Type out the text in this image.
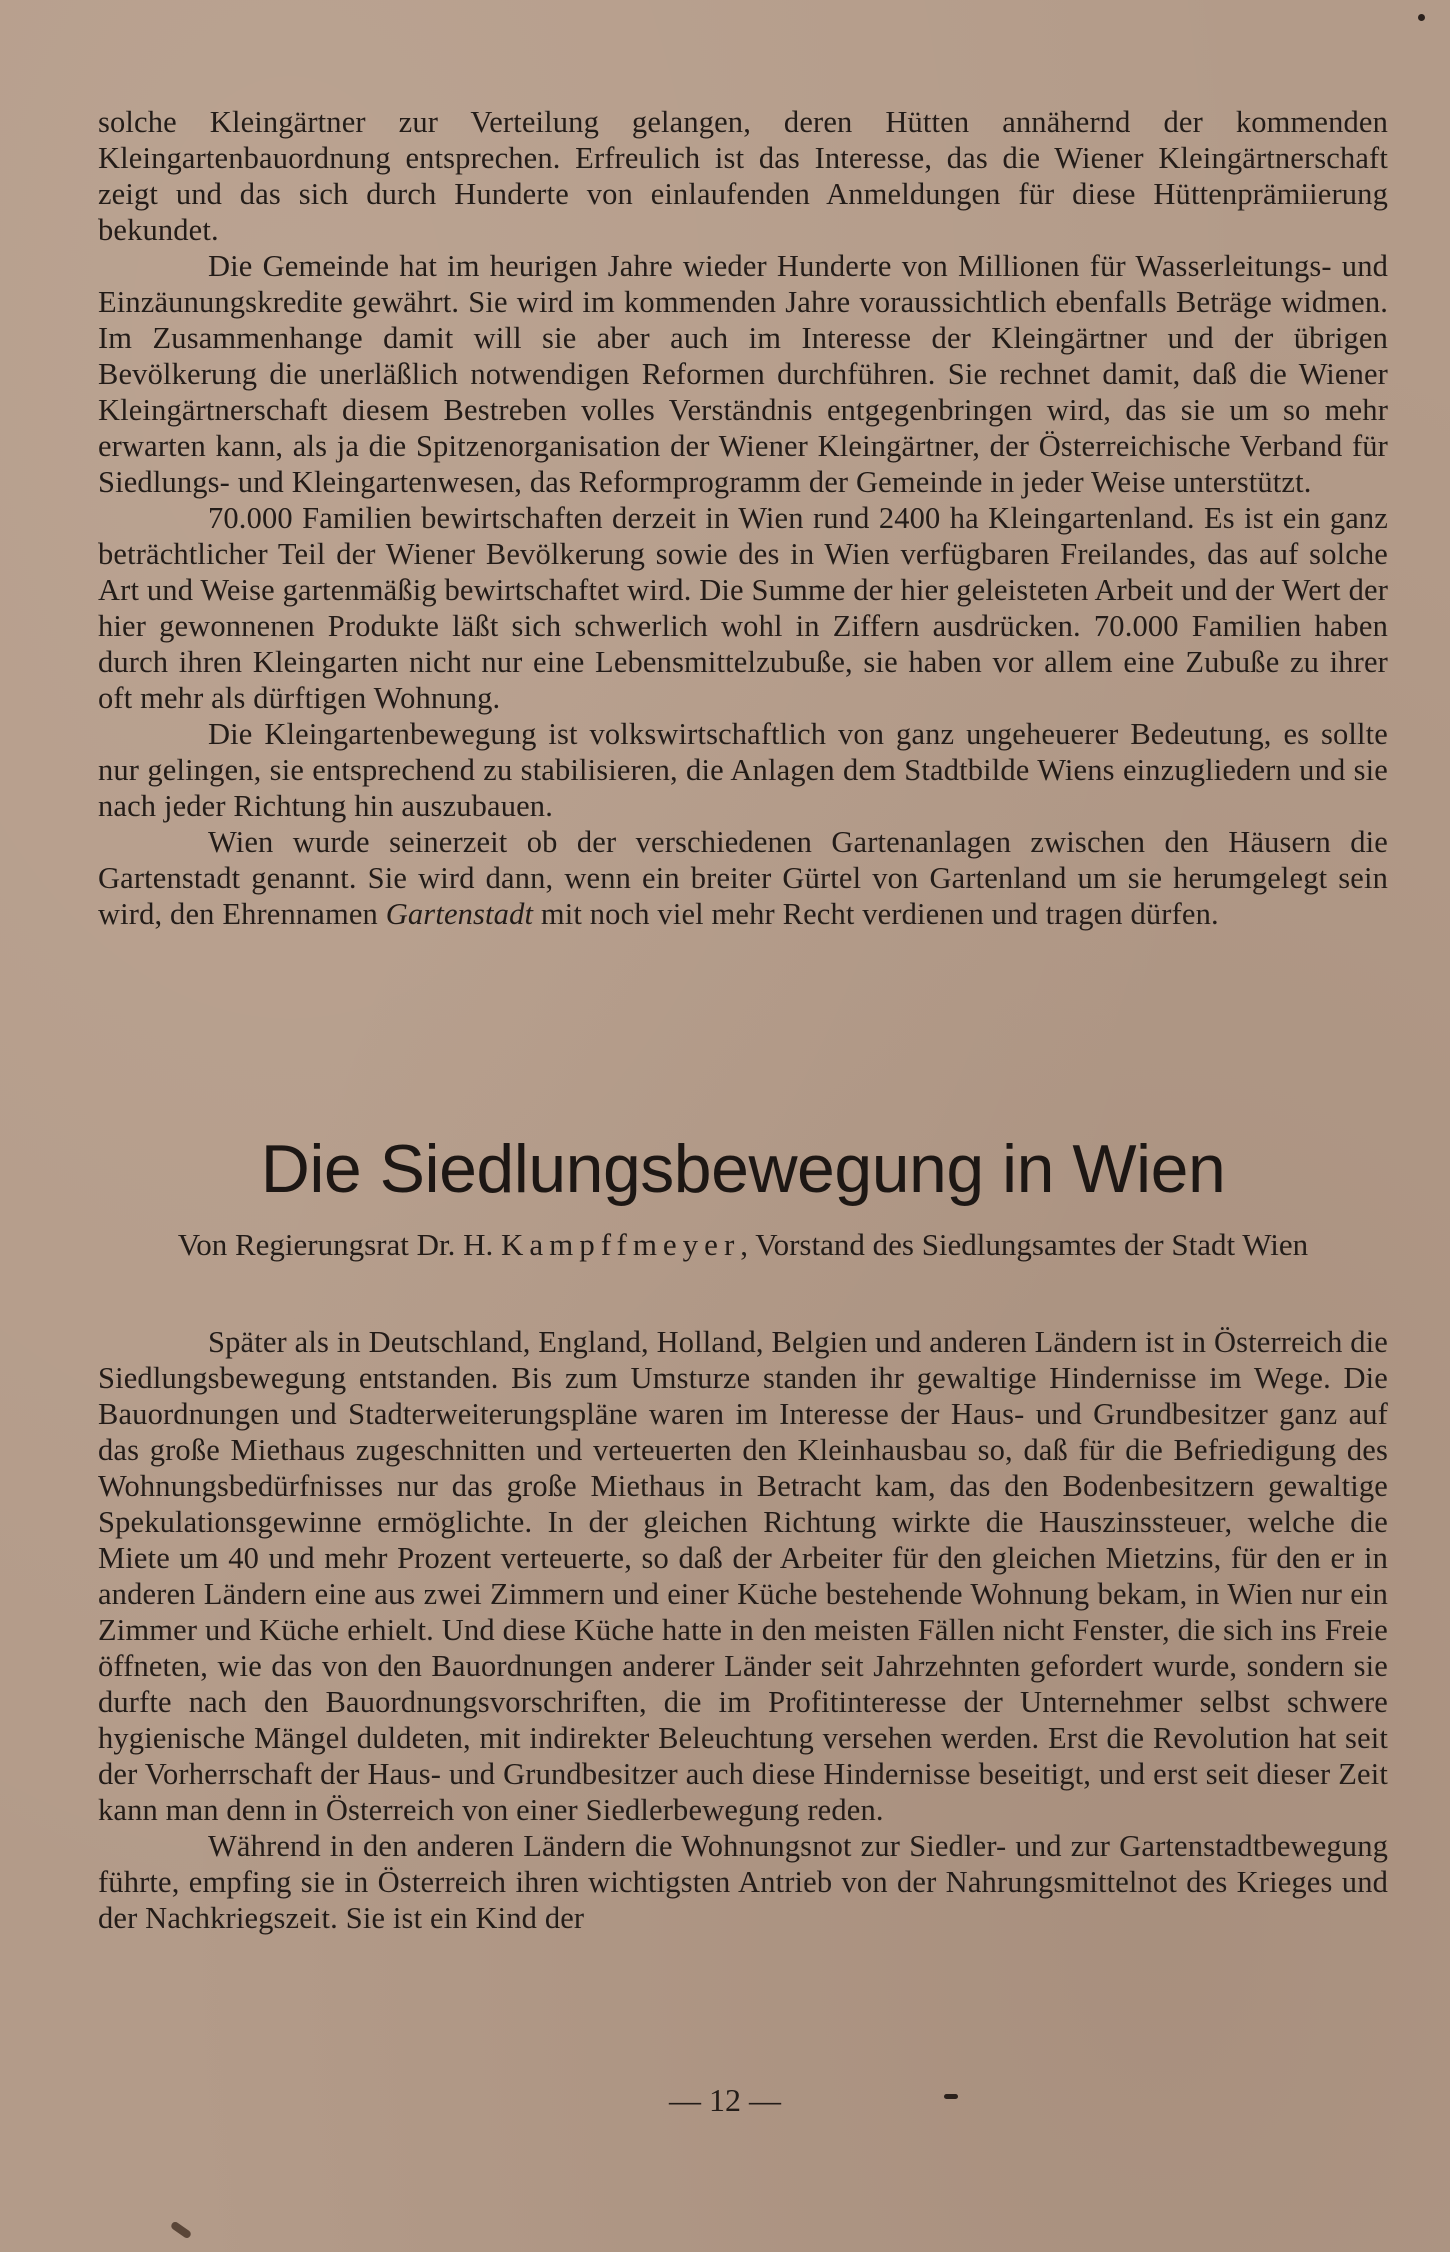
solche Kleingärtner zur Verteilung gelangen, deren Hütten annähernd der kommenden Kleingartenbauordnung entsprechen. Erfreulich ist das Interesse, das die Wiener Kleingärtnerschaft zeigt und das sich durch Hunderte von einlaufenden Anmeldungen für diese Hüttenprämiierung bekundet.

Die Gemeinde hat im heurigen Jahre wieder Hunderte von Millionen für Wasserleitungs- und Einzäunungskredite gewährt. Sie wird im kommenden Jahre voraussichtlich ebenfalls Beträge widmen. Im Zusammenhange damit will sie aber auch im Interesse der Kleingärtner und der übrigen Bevölkerung die unerläßlich notwendigen Reformen durchführen. Sie rechnet damit, daß die Wiener Kleingärtnerschaft diesem Bestreben volles Verständnis entgegenbringen wird, das sie um so mehr erwarten kann, als ja die Spitzenorganisation der Wiener Kleingärtner, der Österreichische Verband für Siedlungs- und Kleingartenwesen, das Reformprogramm der Gemeinde in jeder Weise unterstützt.

70.000 Familien bewirtschaften derzeit in Wien rund 2400 ha Kleingartenland. Es ist ein ganz beträchtlicher Teil der Wiener Bevölkerung sowie des in Wien verfügbaren Freilandes, das auf solche Art und Weise gartenmäßig bewirtschaftet wird. Die Summe der hier geleisteten Arbeit und der Wert der hier gewonnenen Produkte läßt sich schwerlich wohl in Ziffern ausdrücken. 70.000 Familien haben durch ihren Kleingarten nicht nur eine Lebensmittelzubuße, sie haben vor allem eine Zubuße zu ihrer oft mehr als dürftigen Wohnung.

Die Kleingartenbewegung ist volkswirtschaftlich von ganz ungeheuerer Bedeutung, es sollte nur gelingen, sie entsprechend zu stabilisieren, die Anlagen dem Stadtbilde Wiens einzugliedern und sie nach jeder Richtung hin auszubauen.

Wien wurde seinerzeit ob der verschiedenen Gartenanlagen zwischen den Häusern die Gartenstadt genannt. Sie wird dann, wenn ein breiter Gürtel von Gartenland um sie herumgelegt sein wird, den Ehrennamen Gartenstadt mit noch viel mehr Recht verdienen und tragen dürfen.

Die Siedlungsbewegung in Wien
Von Regierungsrat Dr. H. Kampffmeyer, Vorstand des Siedlungsamtes der Stadt Wien

Später als in Deutschland, England, Holland, Belgien und anderen Ländern ist in Österreich die Siedlungsbewegung entstanden. Bis zum Umsturze standen ihr gewaltige Hindernisse im Wege. Die Bauordnungen und Stadterweiterungspläne waren im Interesse der Haus- und Grundbesitzer ganz auf das große Miethaus zugeschnitten und verteuerten den Kleinhausbau so, daß für die Befriedigung des Wohnungsbedürfnisses nur das große Miethaus in Betracht kam, das den Bodenbesitzern gewaltige Spekulationsgewinne ermöglichte. In der gleichen Richtung wirkte die Hauszinssteuer, welche die Miete um 40 und mehr Prozent verteuerte, so daß der Arbeiter für den gleichen Mietzins, für den er in anderen Ländern eine aus zwei Zimmern und einer Küche bestehende Wohnung bekam, in Wien nur ein Zimmer und Küche erhielt. Und diese Küche hatte in den meisten Fällen nicht Fenster, die sich ins Freie öffneten, wie das von den Bauordnungen anderer Länder seit Jahrzehnten gefordert wurde, sondern sie durfte nach den Bauordnungsvorschriften, die im Profitinteresse der Unternehmer selbst schwere hygienische Mängel duldeten, mit indirekter Beleuchtung versehen werden. Erst die Revolution hat seit der Vorherrschaft der Haus- und Grundbesitzer auch diese Hindernisse beseitigt, und erst seit dieser Zeit kann man denn in Österreich von einer Siedlerbewegung reden.

Während in den anderen Ländern die Wohnungsnot zur Siedler- und zur Gartenstadtbewegung führte, empfing sie in Österreich ihren wichtigsten Antrieb von der Nahrungsmittelnot des Krieges und der Nachkriegszeit. Sie ist ein Kind der

— 12 —
